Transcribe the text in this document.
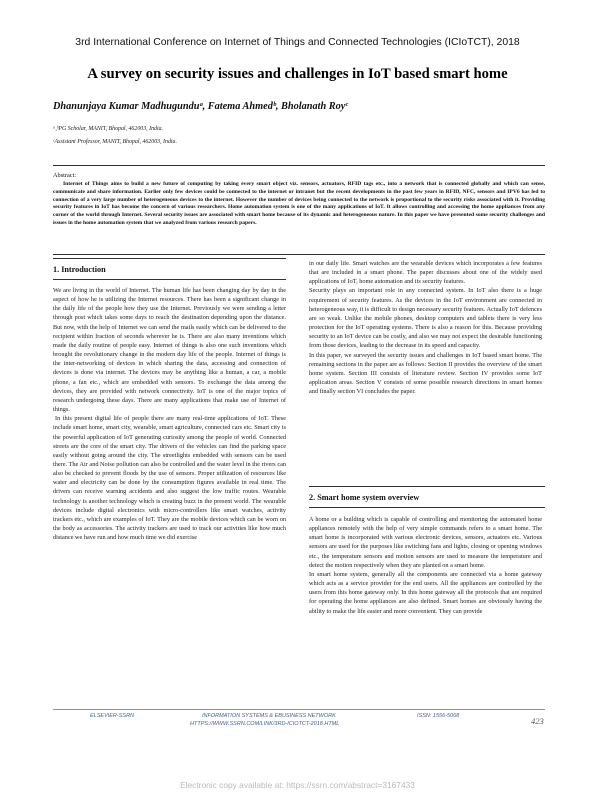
3rd International Conference on Internet of Things and Connected Technologies (ICIoTCT), 2018
A survey on security issues and challenges in IoT based smart home
Dhanunjaya Kumar Madhugunduᵃ, Fatema Ahmedᵇ, Bholanath Royᶜ
ᵃ,ᵇPG Scholar, MANIT, Bhopal, 462003, India.
ᶜAssistant Professor, MANIT, Bhopal, 462003, India.
Abstract:
Internet of Things aims to build a new future of computing by taking every smart object viz. sensors, actuators, RFID tags etc., into a network that is connected globally and which can sense, communicate and share information. Earlier only few devices could be connected to the internet or intranet but the recent developments in the past few years in RFID, NFC, sensors and IPV6 has led to connection of a very large number of heterogeneous devices to the internet. However the number of devices being connected to the network is proportional to the security risks associated with it. Providing security features in IoT has become the concern of various researchers. Home automation system is one of the many applications of IoT. It allows controlling and accessing the home appliances from any corner of the world through Internet. Several security issues are associated with smart home because of its dynamic and heterogeneous nature. In this paper we have presented some security challenges and issues in the home automation system that we analyzed from various research papers.
1. Introduction

We are living in the world of Internet. The human life has been changing day by day in the aspect of how he is utilizing the Internet resources. There has been a significant change in the daily life of the people how they use the Internet. Previously we were sending a letter through post which takes some days to reach the destination depending upon the distance. But now, with the help of Internet we can send the mails easily which can be delivered to the recipient within fraction of seconds wherever he is. There are also many inventions which made the daily routine of people easy. Internet of things is also one such inventions which brought the revolutionary change in the modern day life of the people. Internet of things is the inter-networking of devices in which sharing the data, accessing and connection of devices is done via internet. The devices may be anything like a human, a car, a mobile phone, a fan etc., which are embedded with sensors. To exchange the data among the devices, they are provided with network connectivity. IoT is one of the major topics of research undergoing these days. There are many applications that make use of Internet of things.

In this present digital life of people there are many real-time applications of IoT. These include smart home, smart city, wearable, smart agriculture, connected cars etc. Smart city is the powerful application of IoT generating curiosity among the people of world. Connected streets are the core of the smart city. The drivers of the vehicles can find the parking space easily without going around the city. The streetlights embedded with sensors can be used there. The Air and Noise pollution can also be controlled and the water level in the rivers can also be checked to prevent floods by the use of sensors. Proper utilization of resources like water and electricity can be done by the consumption figures available in real time. The drivers can receive warning accidents and also suggest the low traffic routes. Wearable technology is another technology which is creating buzz in the present world. The wearable devices include digital electronics with micro-controllers like smart watches, activity trackers etc., which are examples of IoT. They are the mobile devices which can be worn on the body as accessories. The activity trackers are used to track our activities like how much distance we have run and how much time we did exercise

in our daily life. Smart watches are the wearable devices which incorporates a few features that are included in a smart phone. The paper discusses about one of the widely used applications of IoT, home automation and its security features.

Security plays an important role in any connected system. In IoT also there is a huge requirement of security features. As the devices in the IoT environment are connected in heterogeneous way, it is difficult to design necessary security features. Actually IoT defences are so weak. Unlike the mobile phones, desktop computers and tablets there is very less protection for the IoT operating systems. There is also a reason for this. Because providing security to an IoT device can be costly, and also we may not expect the desirable functioning from those devices, leading to the decrease in its speed and capacity.

In this paper, we surveyed the security issues and challenges in IoT based smart home. The remaining sections in the paper are as follows: Section II provides the overview of the smart home system. Section III consists of literature review. Section IV provides some IoT application areas. Section V consists of some possible research directions in smart homes and finally section VI concludes the paper.

2. Smart home system overview

A home or a building which is capable of controlling and monitoring the automated home appliances remotely with the help of very simple commands refers to a smart home. The smart home is incorporated with various electronic devices, sensors, actuators etc. Various sensors are used for the purposes like switching fans and lights, closing or opening windows etc., the temperature sensors and motion sensors are used to measure the temperature and detect the motion respectively when they are planted on a smart home.

In smart home system, generally all the components are connected via a home gateway which acts as a service provider for the end users. All the appliances are controlled by the users from this home gateway only. In this home gateway all the protocols that are required for operating the home appliances are also defined. Smart homes are obviously having the ability to make the life easier and more convenient. They can provide

ELSEVIER-SSRN	INFORMATION SYSTEMS & EBUSINESS NETWORK	ISSN: 1556-5068
HTTPS://WWW.SSRN.COM/LINK/3RD-ICIOTCT-2018.HTML	423
Electronic copy available at: https://ssrn.com/abstract=3167433
